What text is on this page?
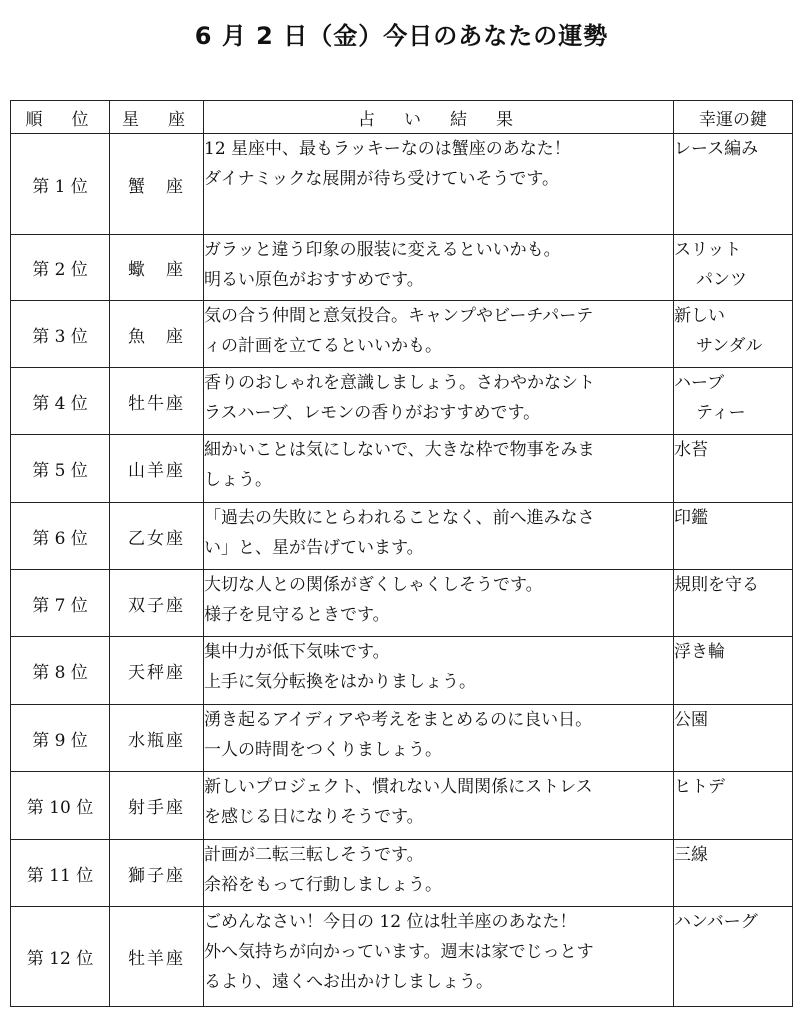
6 月 2 日（金）今日のあなたの運勢
順　位	星　座	占　い　結　果	幸運の鍵
第 1 位	蟹　座	12 星座中、最もラッキーなのは蟹座のあなた！
ダイナミックな展開が待ち受けていそうです。	レース編み

第 2 位	蠍　座	ガラッと違う印象の服装に変えるといいかも。
明るい原色がおすすめです。	スリット
パンツ

第 3 位	魚　座	気の合う仲間と意気投合。キャンプやビーチパーテ
ィの計画を立てるといいかも。	新しい
サンダル

第 4 位	牡牛座	香りのおしゃれを意識しましょう。さわやかなシト
ラスハーブ、レモンの香りがおすすめです。	ハーブ
ティー

第 5 位	山羊座	細かいことは気にしないで、大きな枠で物事をみま
しょう。	水苔

第 6 位	乙女座	「過去の失敗にとらわれることなく、前へ進みなさ
い」と、星が告げています。	印鑑

第 7 位	双子座	大切な人との関係がぎくしゃくしそうです。
様子を見守るときです。	規則を守る

第 8 位	天秤座	集中力が低下気味です。
上手に気分転換をはかりましょう。	浮き輪

第 9 位	水瓶座	湧き起るアイディアや考えをまとめるのに良い日。
一人の時間をつくりましょう。	公園

第 10 位	射手座	新しいプロジェクト、慣れない人間関係にストレス
を感じる日になりそうです。	ヒトデ

第 11 位	獅子座	計画が二転三転しそうです。
余裕をもって行動しましょう。	三線

第 12 位	牡羊座	ごめんなさい！今日の 12 位は牡羊座のあなた！
外へ気持ちが向かっています。週末は家でじっとす
るより、遠くへお出かけしましょう。	ハンバーグ
